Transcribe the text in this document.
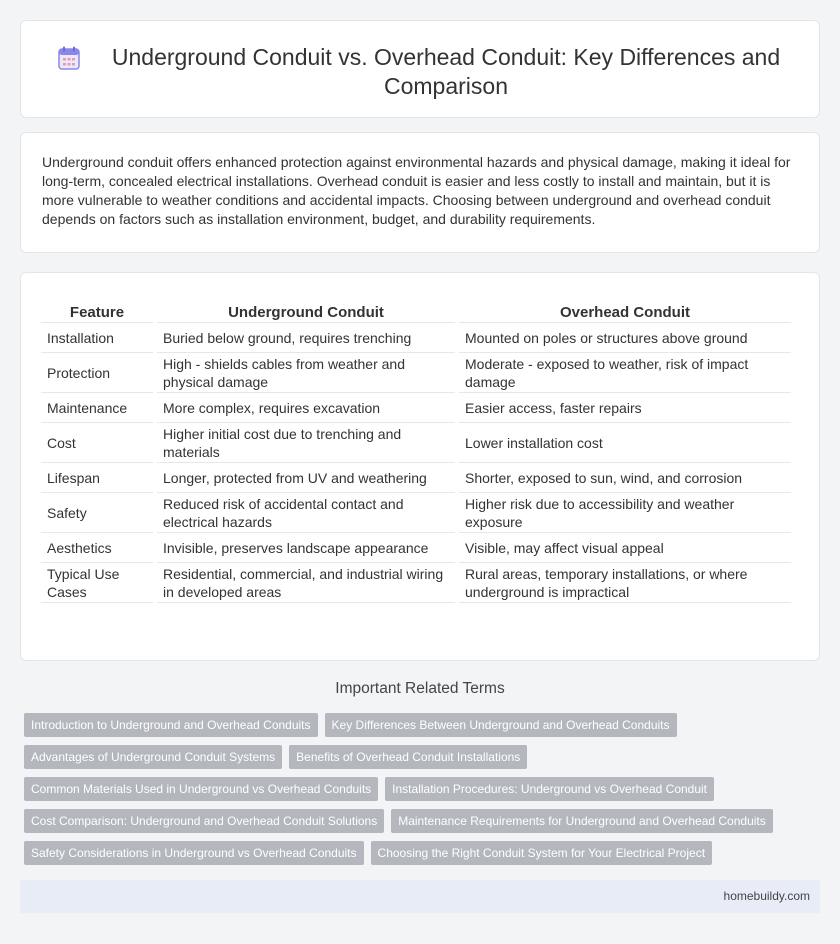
Underground Conduit vs. Overhead Conduit: Key Differences and Comparison

Underground conduit offers enhanced protection against environmental hazards and physical damage, making it ideal for long-term, concealed electrical installations. Overhead conduit is easier and less costly to install and maintain, but it is more vulnerable to weather conditions and accidental impacts. Choosing between underground and overhead conduit depends on factors such as installation environment, budget, and durability requirements.

Feature	Underground Conduit	Overhead Conduit
Installation	Buried below ground, requires trenching	Mounted on poles or structures above ground
Protection	High - shields cables from weather and physical damage	Moderate - exposed to weather, risk of impact damage
Maintenance	More complex, requires excavation	Easier access, faster repairs
Cost	Higher initial cost due to trenching and materials	Lower installation cost
Lifespan	Longer, protected from UV and weathering	Shorter, exposed to sun, wind, and corrosion
Safety	Reduced risk of accidental contact and electrical hazards	Higher risk due to accessibility and weather exposure
Aesthetics	Invisible, preserves landscape appearance	Visible, may affect visual appeal
Typical Use Cases	Residential, commercial, and industrial wiring in developed areas	Rural areas, temporary installations, or where underground is impractical
Important Related Terms
Introduction to Underground and Overhead Conduits	Key Differences Between Underground and Overhead Conduits
Advantages of Underground Conduit Systems	Benefits of Overhead Conduit Installations
Common Materials Used in Underground vs Overhead Conduits	Installation Procedures: Underground vs Overhead Conduit
Cost Comparison: Underground and Overhead Conduit Solutions	Maintenance Requirements for Underground and Overhead Conduits
Safety Considerations in Underground vs Overhead Conduits	Choosing the Right Conduit System for Your Electrical Project
homebuildy.com
